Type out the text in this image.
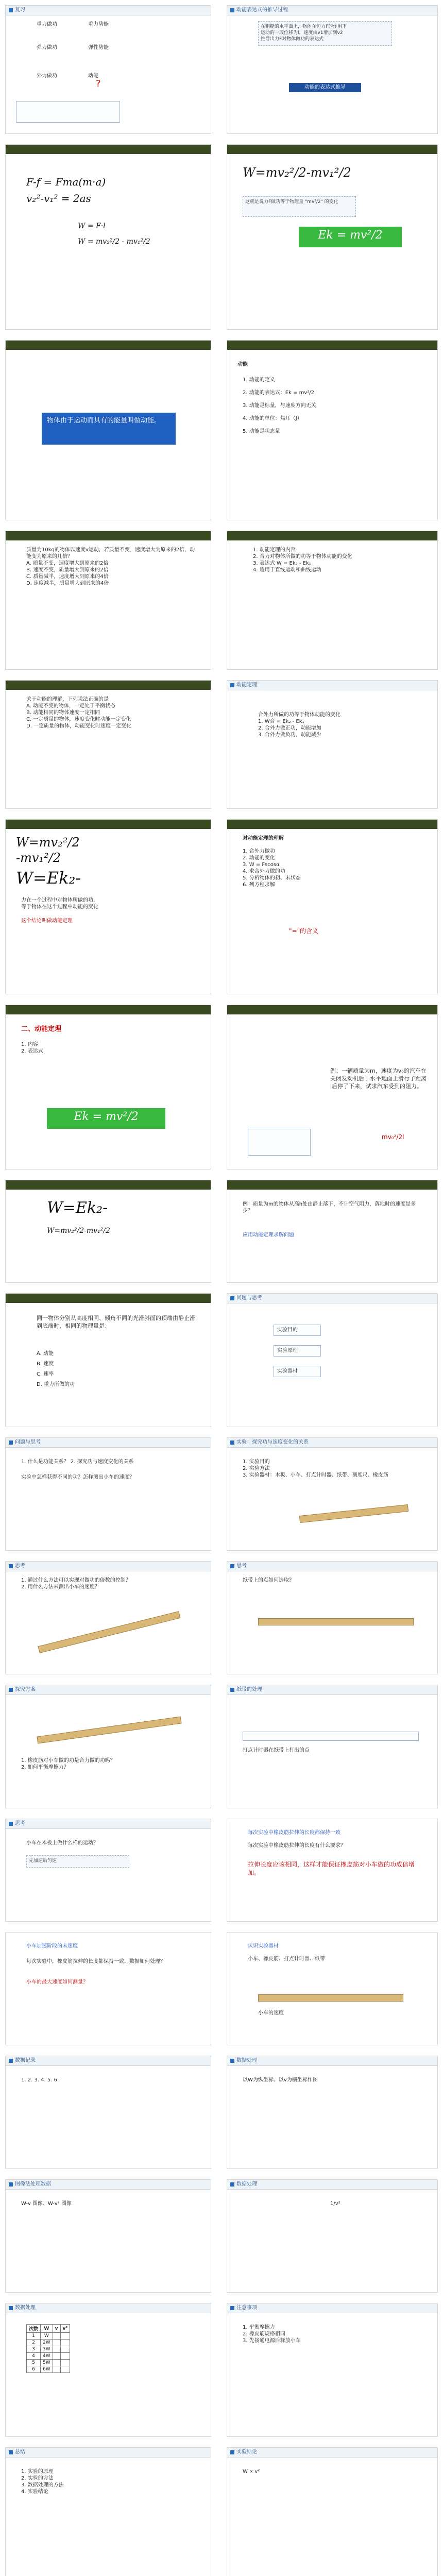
$^{复习}$
重力做功	重力势能
弹力做功	弹性势能
外力做功	动能
?
$^{动能表达式的推导过程}$
在粗糙的水平面上，物体在恒力F的作用下
运动的一段位移为l，速度由v1增加到v2
推导出力F对物体做功的表达式
动能的表达式推导
F-f = Fma(m·a)
v₂²-v₁² = 2as
W = F·l
W = mv₂²/2 - mv₁²/2
W=mv₂²/2-mv₁²/2
这就是说力F做功等于物理量 "mv²/2" 的变化
物体由于运动而具有的能量叫做动能。
动能
1. 动能的定义
2. 动能的表达式：Ek = mv²/2
3. 动能是标量，与速度方向无关
4. 动能的单位：焦耳（J）
5. 动能是状态量
Ek = mv²/2
质量为10kg的物体以速度v运动，若质量不变，速度增大为原来的2倍，动能变为原来的几倍？
A. 质量不变，速度增大到原来的2倍
B. 速度不变，质量增大到原来的2倍
C. 质量减半，速度增大到原来的4倍
D. 速度减半，质量增大到原来的4倍
1. 动能定理的内容
2. 合力对物体所做的功等于物体动能的变化
3. 表达式 W = Ek₂ - Ek₁
4. 适用于直线运动和曲线运动
关于动能的理解，下列说法正确的是
A. 动能不变的物体，一定处于平衡状态
B. 动能相同的物体速度一定相同
C. 一定质量的物体，速度变化时动能一定变化
D. 一定质量的物体，动能变化时速度一定变化
$^{动能定理}$
合外力所做的功等于物体动能的变化
1. W合 = Ek₂ - Ek₁
2. 合外力做正功，动能增加
3. 合外力做负功，动能减少
W=mv₂²/2
-mv₁²/2
W=Ek₂-
力在一个过程中对物体所做的功，
等于物体在这个过程中动能的变化
这个结论叫做动能定理
对动能定理的理解
1. 合外力做功
2. 动能的变化
3. W = Fscosα
4. 求合外力做的功
5. 分析物体的初、末状态
6. 列方程求解
"="的含义
二、动能定理
1. 内容
2. 表达式
Ek = mv²/2
例：一辆质量为m，速度为v₀的汽车在关闭发动机后于水平地面上滑行了距离l后停了下来，试求汽车受到的阻力。
mv₀²/2l
W=Ek₂-
W=mv₂²/2-mv₁²/2
例：质量为m的物体从高h处由静止落下，不计空气阻力，落地时的速度是多少？
应用动能定理求解问题
同一物体分别从高度相同、倾角不同的光滑斜面的顶端由静止滑到底端时，相同的物理量是：
A. 动能
B. 速度
C. 速率
D. 重力所做的功
$^{问题与思考}$
实验目的
实验原理
实验器材
$^{问题与思考}$
1. 什么是功能关系？ 2. 探究功与速度变化的关系
实验中怎样获得不同的功？怎样测出小车的速度？
$^{实验:探究功与速度变化的关系}$
1. 实验目的
2. 实验方法
3. 实验器材：木板、小车、打点计时器、纸带、刻度尺、橡皮筋
$^{思考}$
1. 通过什么方法可以实现对做功的倍数的控制？
2. 用什么方法来测出小车的速度？
$^{思考}$
纸带上的点如何选取？
$^{探究方案}$
1. 橡皮筋对小车做的功是合力做的功吗？
2. 如何平衡摩擦力？
$^{纸带的处理}$
打点计时器在纸带上打出的点
$^{思考}$
小车在木板上做什么样的运动？
先加速后匀速
每次实验中橡皮筋拉伸的长度都保持一致
每次实验中橡皮筋拉伸的长度有什么要求？
拉伸长度应该相同，这样才能保证橡皮筋对小车做的功成倍增加。
小车加速阶段的末速度
每次实验中，橡皮筋拉伸的长度都保持一致，数据如何处理？
小车的最大速度如何测量？
认识实验器材
小车、橡皮筋、打点计时器、纸带
小车的速度
$^{数据记录}$
1. 2. 3. 4. 5. 6.
$^{数据处理}$
以W为纵坐标、以v为横坐标作图
$^{图像法处理数据}$
W-v 图像、W-v² 图像
$^{数据处理}$
1/v²
$^{数据处理}$
次数	W	v	v²
1	W		
2	2W		
3	3W		
4	4W		
5	5W		
6	6W		
$^{注意事项}$
1. 平衡摩擦力
2. 橡皮筋规格相同
3. 先接通电源后释放小车
$^{总结}$
1. 实验的原理
2. 实验的方法
3. 数据处理的方法
4. 实验结论
$^{实验结论}$
W ∝ v²
